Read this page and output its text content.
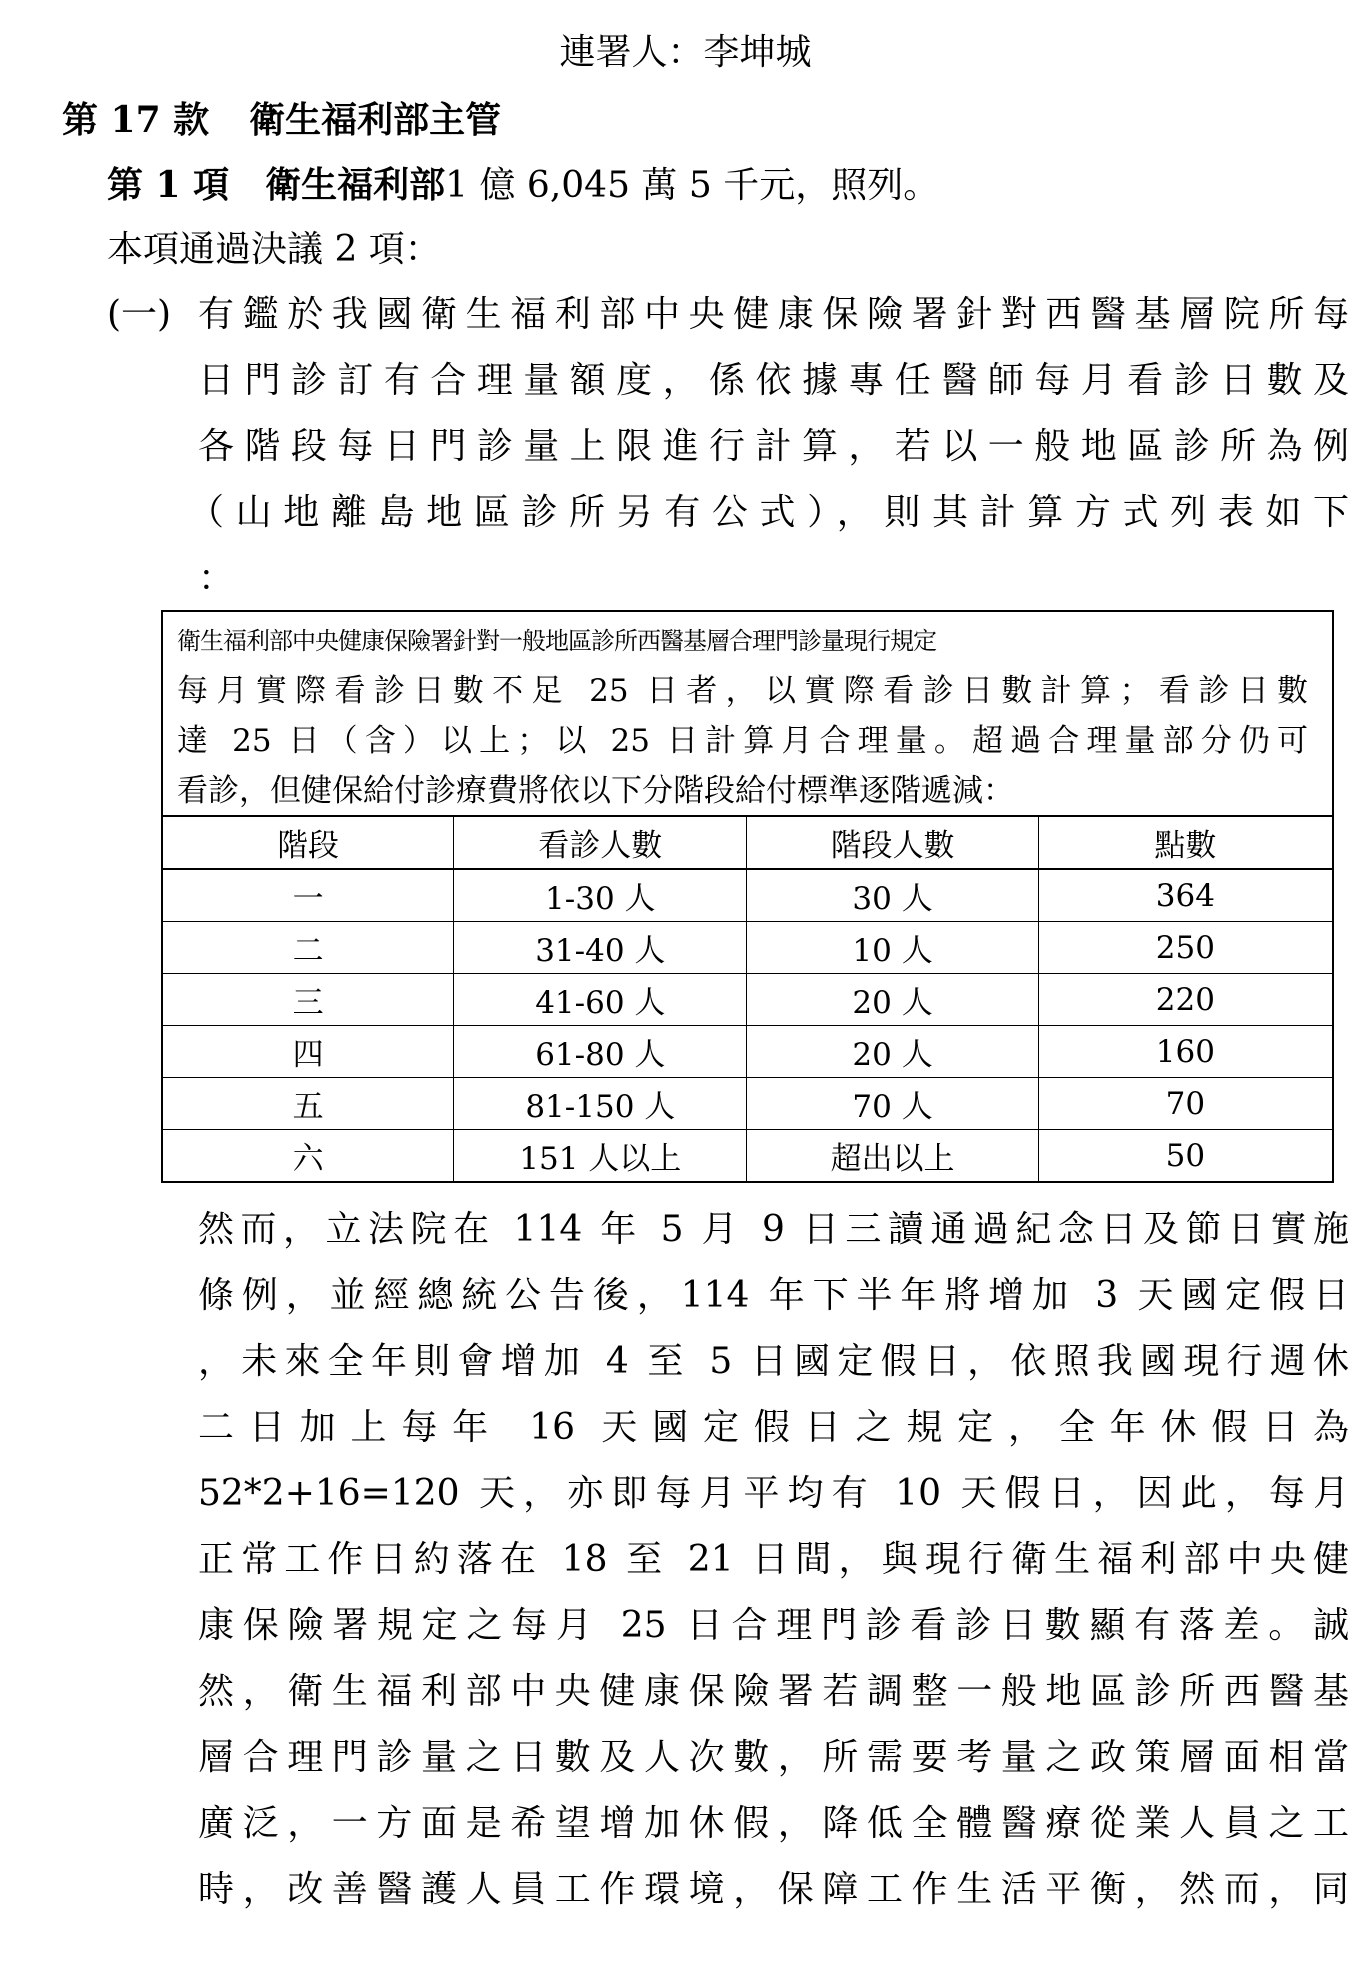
連署人：李坤城
第 17 款 衛生福利部主管
第 1 項 衛生福利部1 億 6,045 萬 5 千元，照列。
本項通過決議 2 項：
(一) 有鑑於我國衛生福利部中央健康保險署針對西醫基層院所每
日門診訂有合理量額度，係依據專任醫師每月看診日數及
各階段每日門診量上限進行計算，若以一般地區診所為例
（山地離島地區診所另有公式），則其計算方式列表如下
：
衛生福利部中央健康保險署針對一般地區診所西醫基層合理門診量現行規定
每月實際看診日數不足 25 日者，以實際看診日數計算；看診日數
達 25 日（含）以上；以 25 日計算月合理量。超過合理量部分仍可
看診，但健保給付診療費將依以下分階段給付標準逐階遞減：
階段	看診人數	階段人數	點數
一	1-30 人	30 人	364
二	31-40 人	10 人	250
三	41-60 人	20 人	220
四	61-80 人	20 人	160
五	81-150 人	70 人	70
六	151 人以上	超出以上	50
然而，立法院在 114 年 5 月 9 日三讀通過紀念日及節日實施
條例，並經總統公告後，114 年下半年將增加 3 天國定假日
，未來全年則會增加 4 至 5 日國定假日，依照我國現行週休
二日加上每年 16 天國定假日之規定，全年休假日為
52*2+16=120 天，亦即每月平均有 10 天假日，因此，每月
正常工作日約落在 18 至 21 日間，與現行衛生福利部中央健
康保險署規定之每月 25 日合理門診看診日數顯有落差。誠
然，衛生福利部中央健康保險署若調整一般地區診所西醫基
層合理門診量之日數及人次數，所需要考量之政策層面相當
廣泛，一方面是希望增加休假，降低全體醫療從業人員之工
時，改善醫護人員工作環境，保障工作生活平衡，然而，同
